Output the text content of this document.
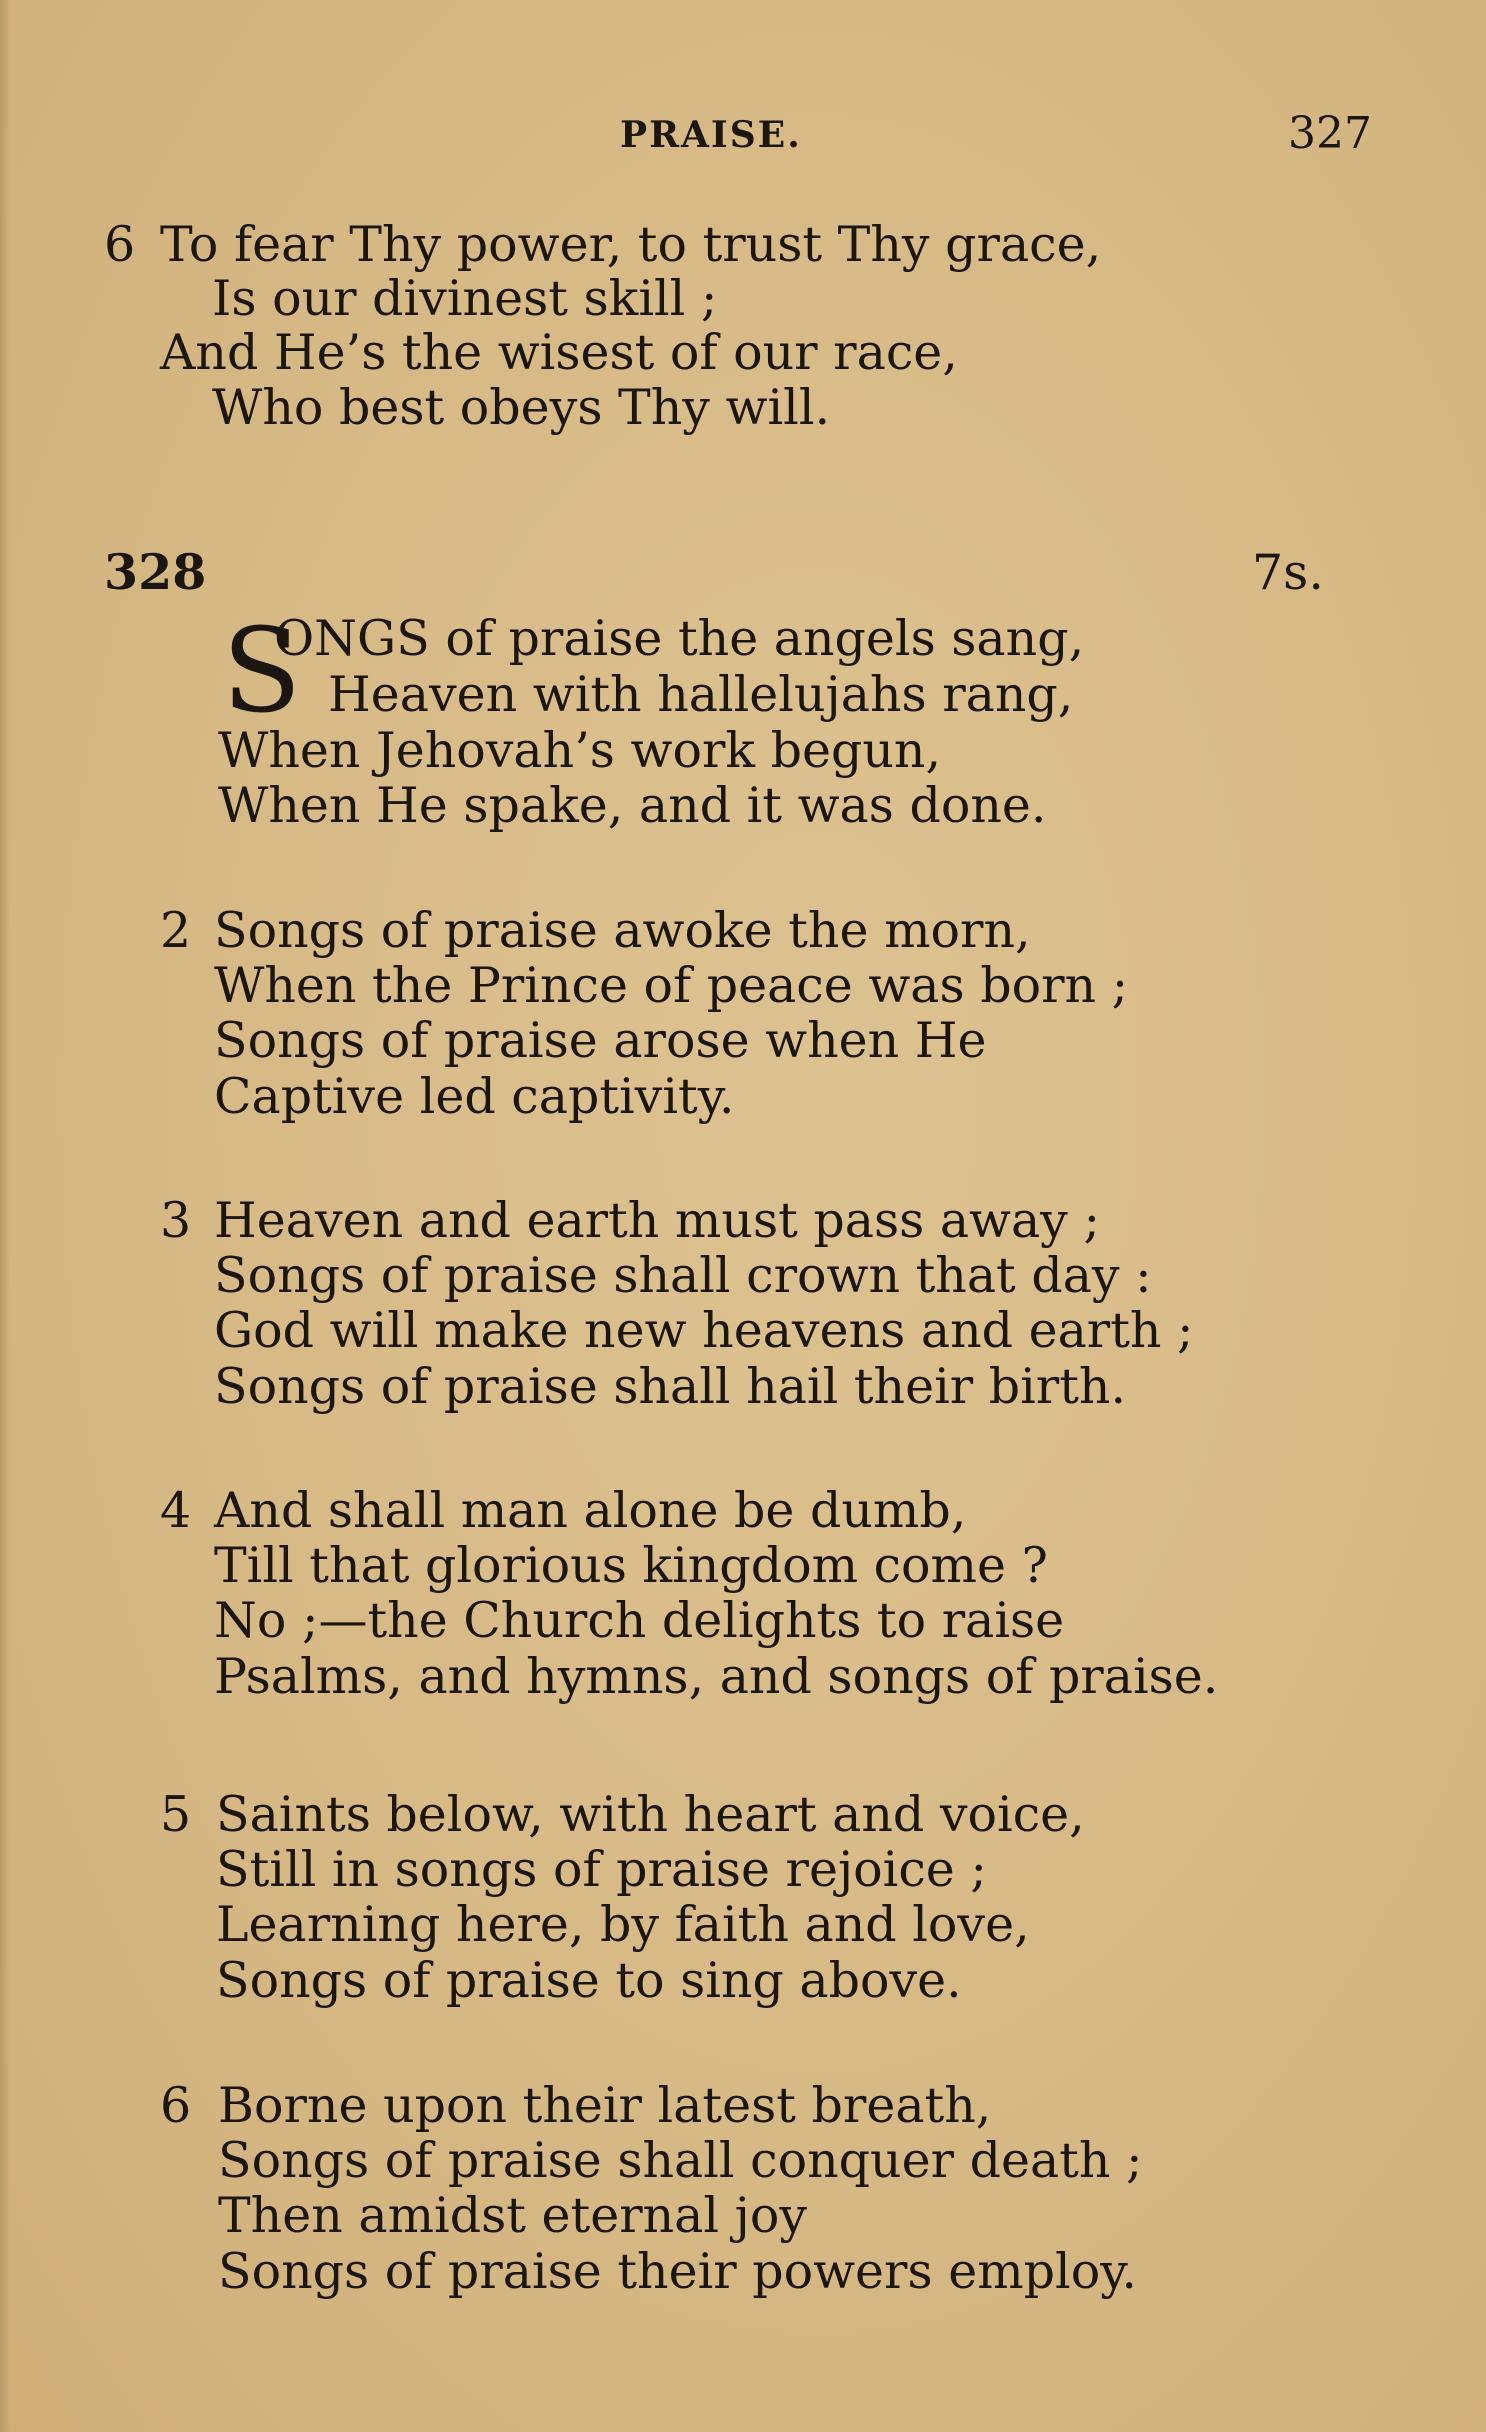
PRAISE.	327
6 To fear Thy power, to trust Thy grace,
Is our divinest skill ;
And He’s the wisest of our race,
Who best obeys Thy will.
328	7s.
S
ONGS of praise the angels sang,
Heaven with hallelujahs rang,
When Jehovah’s work begun,
When He spake, and it was done.
2 Songs of praise awoke the morn,
When the Prince of peace was born ;
Songs of praise arose when He
Captive led captivity.
3 Heaven and earth must pass away ;
Songs of praise shall crown that day :
God will make new heavens and earth ;
Songs of praise shall hail their birth.
4 And shall man alone be dumb,
Till that glorious kingdom come ?
No ;—the Church delights to raise
Psalms, and hymns, and songs of praise.
5 Saints below, with heart and voice,
Still in songs of praise rejoice ;
Learning here, by faith and love,
Songs of praise to sing above.
6 Borne upon their latest breath,
Songs of praise shall conquer death ;
Then amidst eternal joy
Songs of praise their powers employ.
